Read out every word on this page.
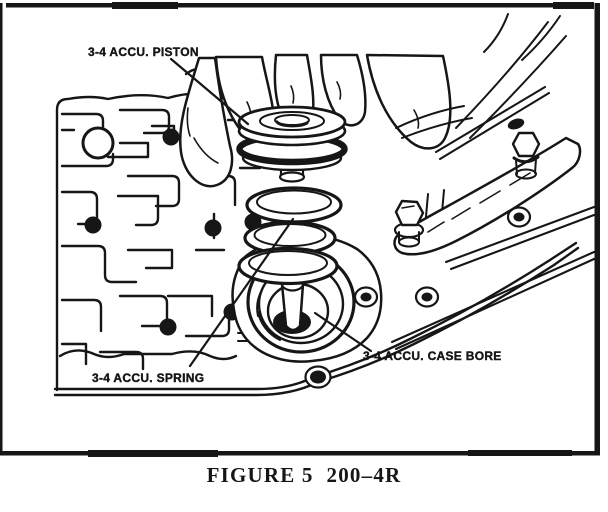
3-4 ACCU. PISTON
3-4 ACCU. SPRING
3-4 ACCU. CASE BORE
FIGURE 5  200–4R
